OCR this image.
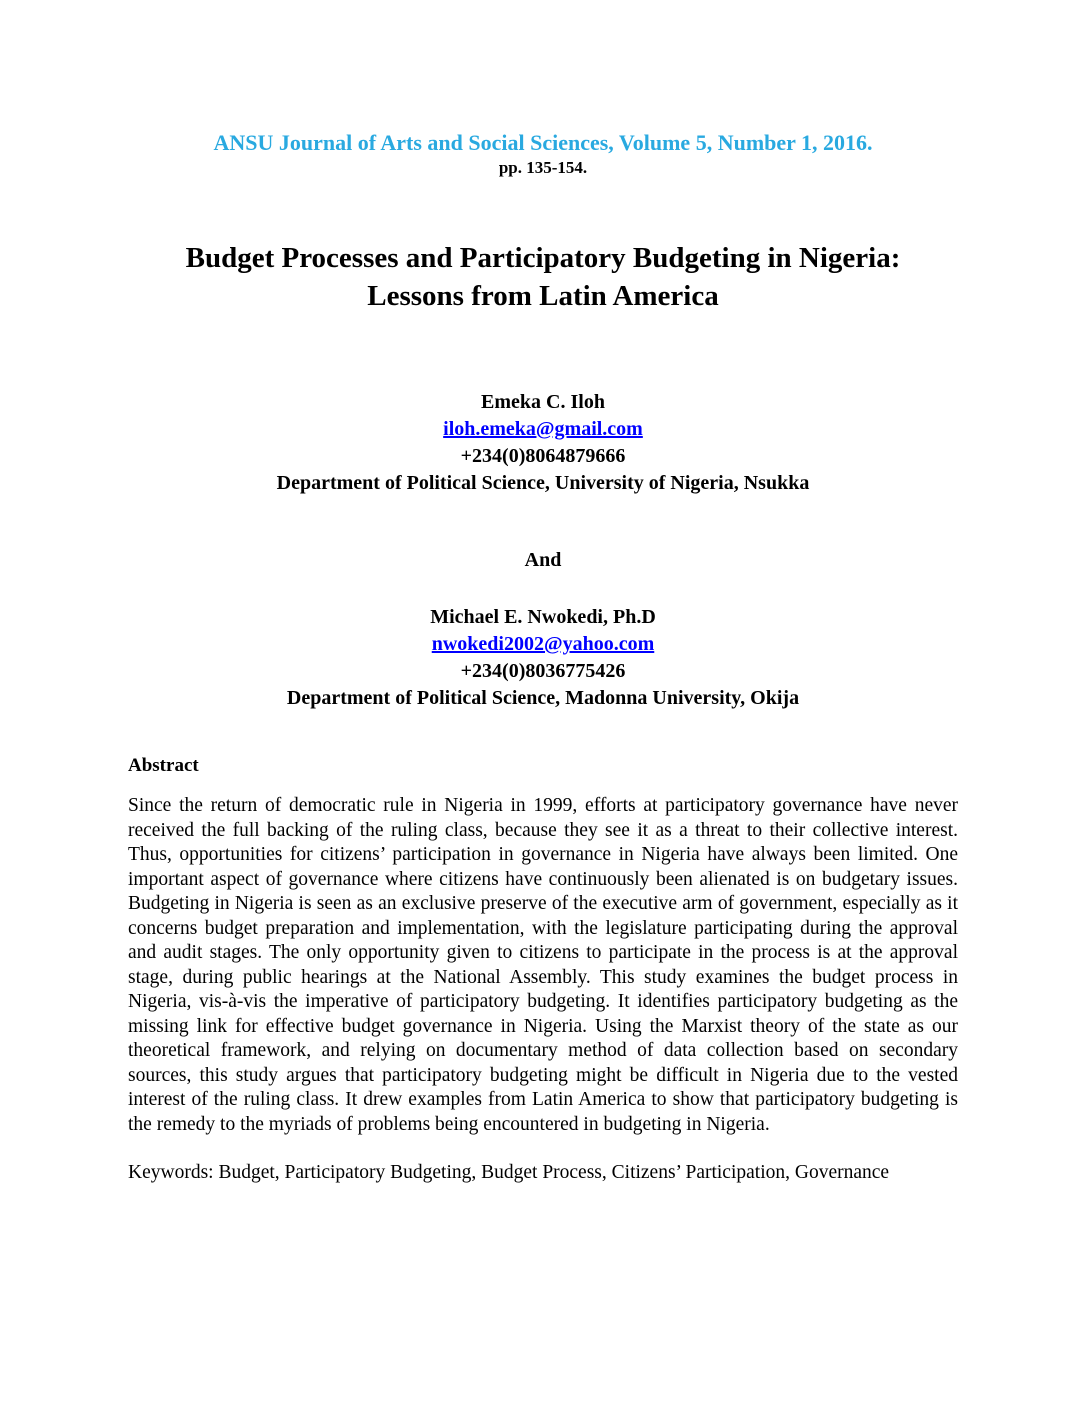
ANSU Journal of Arts and Social Sciences, Volume 5, Number 1, 2016.
pp. 135-154.
Budget Processes and Participatory Budgeting in Nigeria:
Lessons from Latin America
Emeka C. Iloh
iloh.emeka@gmail.com
+234(0)8064879666
Department of Political Science, University of Nigeria, Nsukka
And
Michael E. Nwokedi, Ph.D
nwokedi2002@yahoo.com
+234(0)8036775426
Department of Political Science, Madonna University, Okija
Abstract
Since the return of democratic rule in Nigeria in 1999, efforts at participatory governance have never received the full backing of the ruling class, because they see it as a threat to their collective interest. Thus, opportunities for citizens’ participation in governance in Nigeria have always been limited. One important aspect of governance where citizens have continuously been alienated is on budgetary issues. Budgeting in Nigeria is seen as an exclusive preserve of the executive arm of government, especially as it concerns budget preparation and implementation, with the legislature participating during the approval and audit stages. The only opportunity given to citizens to participate in the process is at the approval stage, during public hearings at the National Assembly. This study examines the budget process in Nigeria, vis-à-vis the imperative of participatory budgeting. It identifies participatory budgeting as the missing link for effective budget governance in Nigeria. Using the Marxist theory of the state as our theoretical framework, and relying on documentary method of data collection based on secondary sources, this study argues that participatory budgeting might be difficult in Nigeria due to the vested interest of the ruling class. It drew examples from Latin America to show that participatory budgeting is the remedy to the myriads of problems being encountered in budgeting in Nigeria.
Keywords: Budget, Participatory Budgeting, Budget Process, Citizens’ Participation, Governance
